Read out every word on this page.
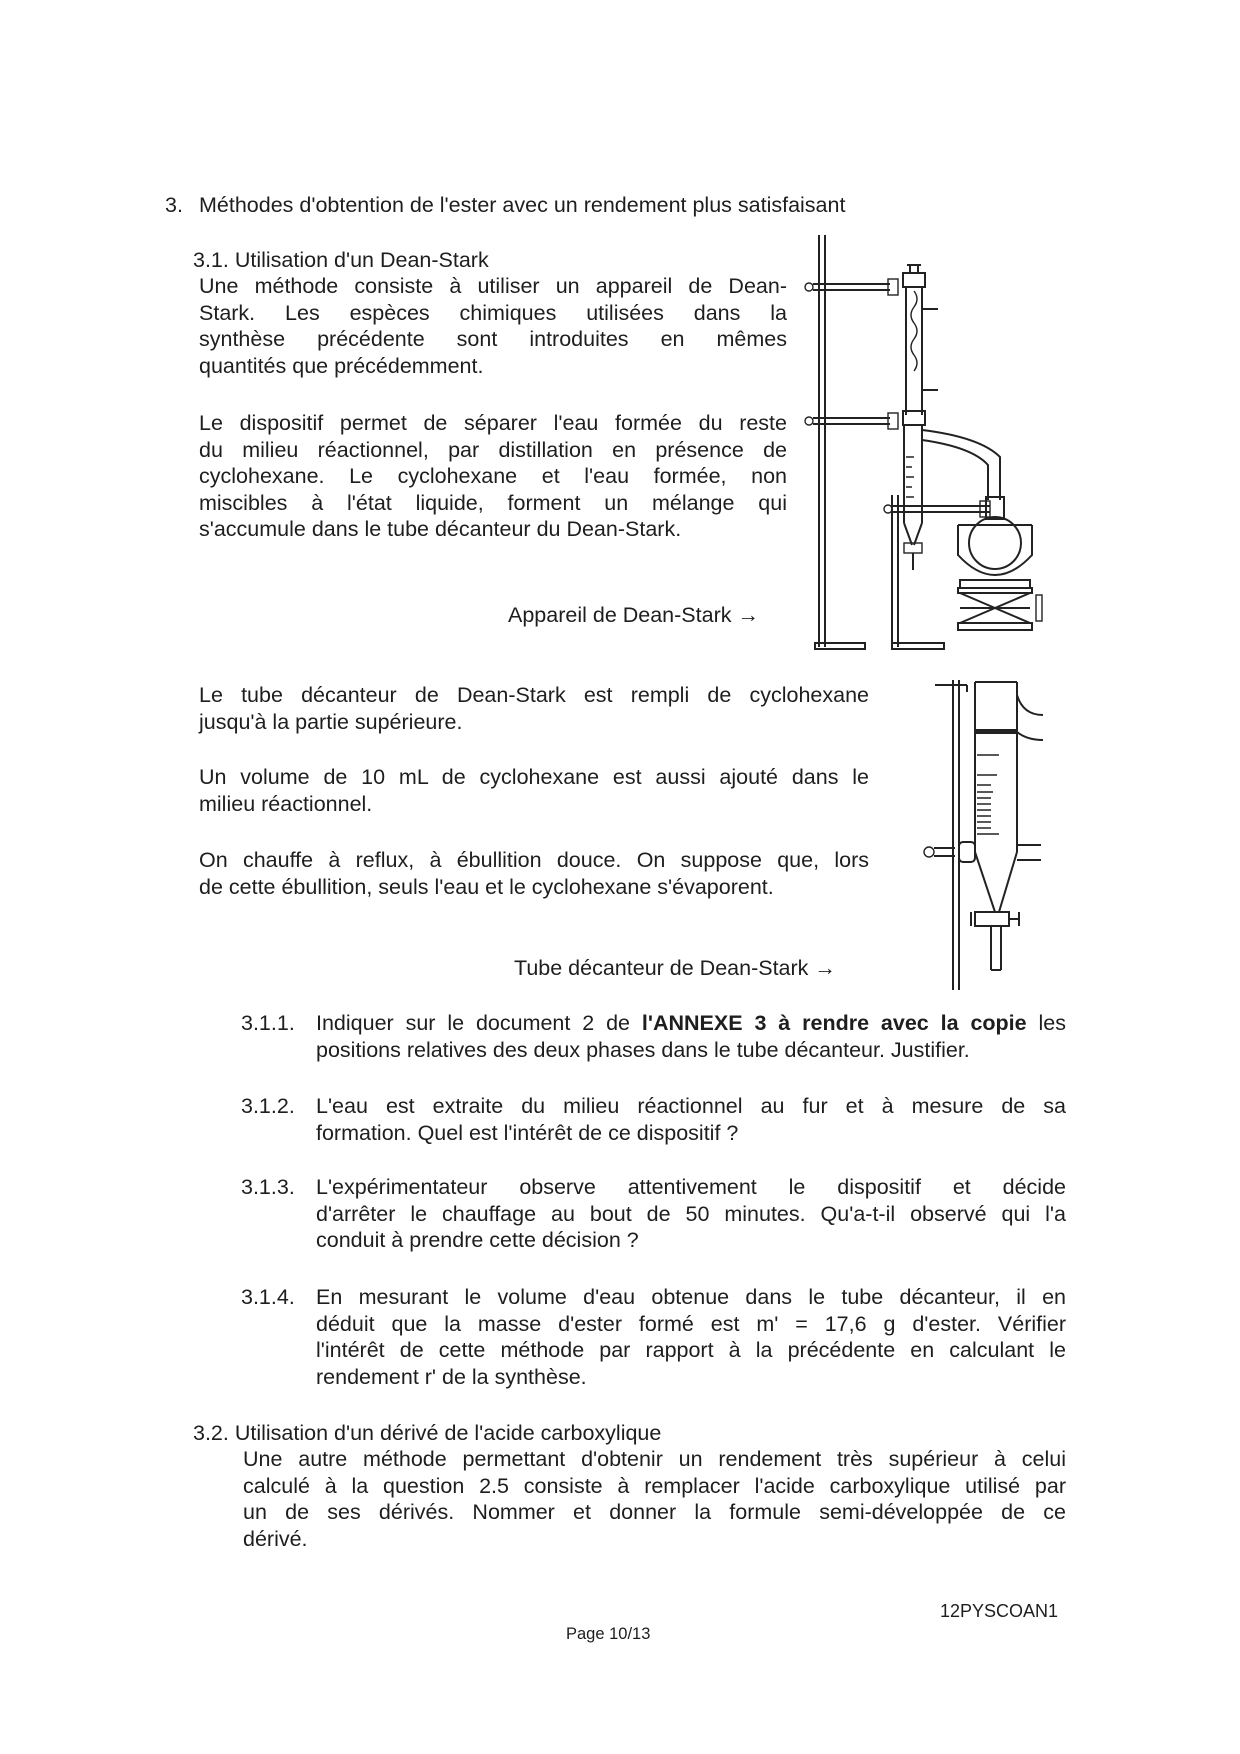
3. Méthodes d'obtention de l'ester avec un rendement plus satisfaisant
3.1. Utilisation d'un Dean-Stark
Une méthode consiste à utiliser un appareil de Dean-
Stark. Les espèces chimiques utilisées dans la
synthèse précédente sont introduites en mêmes
quantités que précédemment.
Le dispositif permet de séparer l'eau formée du reste
du milieu réactionnel, par distillation en présence de
cyclohexane. Le cyclohexane et l'eau formée, non
miscibles à l'état liquide, forment un mélange qui
s'accumule dans le tube décanteur du Dean-Stark.
Appareil de Dean-Stark →
Le tube décanteur de Dean-Stark est rempli de cyclohexane
jusqu'à la partie supérieure.
Un volume de 10 mL de cyclohexane est aussi ajouté dans le
milieu réactionnel.
On chauffe à reflux, à ébullition douce. On suppose que, lors
de cette ébullition, seuls l'eau et le cyclohexane s'évaporent.
Tube décanteur de Dean-Stark →
3.1.1. Indiquer sur le document 2 de l'ANNEXE 3 à rendre avec la copie les
positions relatives des deux phases dans le tube décanteur. Justifier.
3.1.2. L'eau est extraite du milieu réactionnel au fur et à mesure de sa
formation. Quel est l'intérêt de ce dispositif ?
3.1.3. L'expérimentateur observe attentivement le dispositif et décide
d'arrêter le chauffage au bout de 50 minutes. Qu'a-t-il observé qui l'a
conduit à prendre cette décision ?
3.1.4. En mesurant le volume d'eau obtenue dans le tube décanteur, il en
déduit que la masse d'ester formé est m' = 17,6 g d'ester. Vérifier
l'intérêt de cette méthode par rapport à la précédente en calculant le
rendement r' de la synthèse.
3.2. Utilisation d'un dérivé de l'acide carboxylique
Une autre méthode permettant d'obtenir un rendement très supérieur à celui
calculé à la question 2.5 consiste à remplacer l'acide carboxylique utilisé par
un de ses dérivés. Nommer et donner la formule semi-développée de ce
dérivé.
12PYSCOAN1
Page 10/13
